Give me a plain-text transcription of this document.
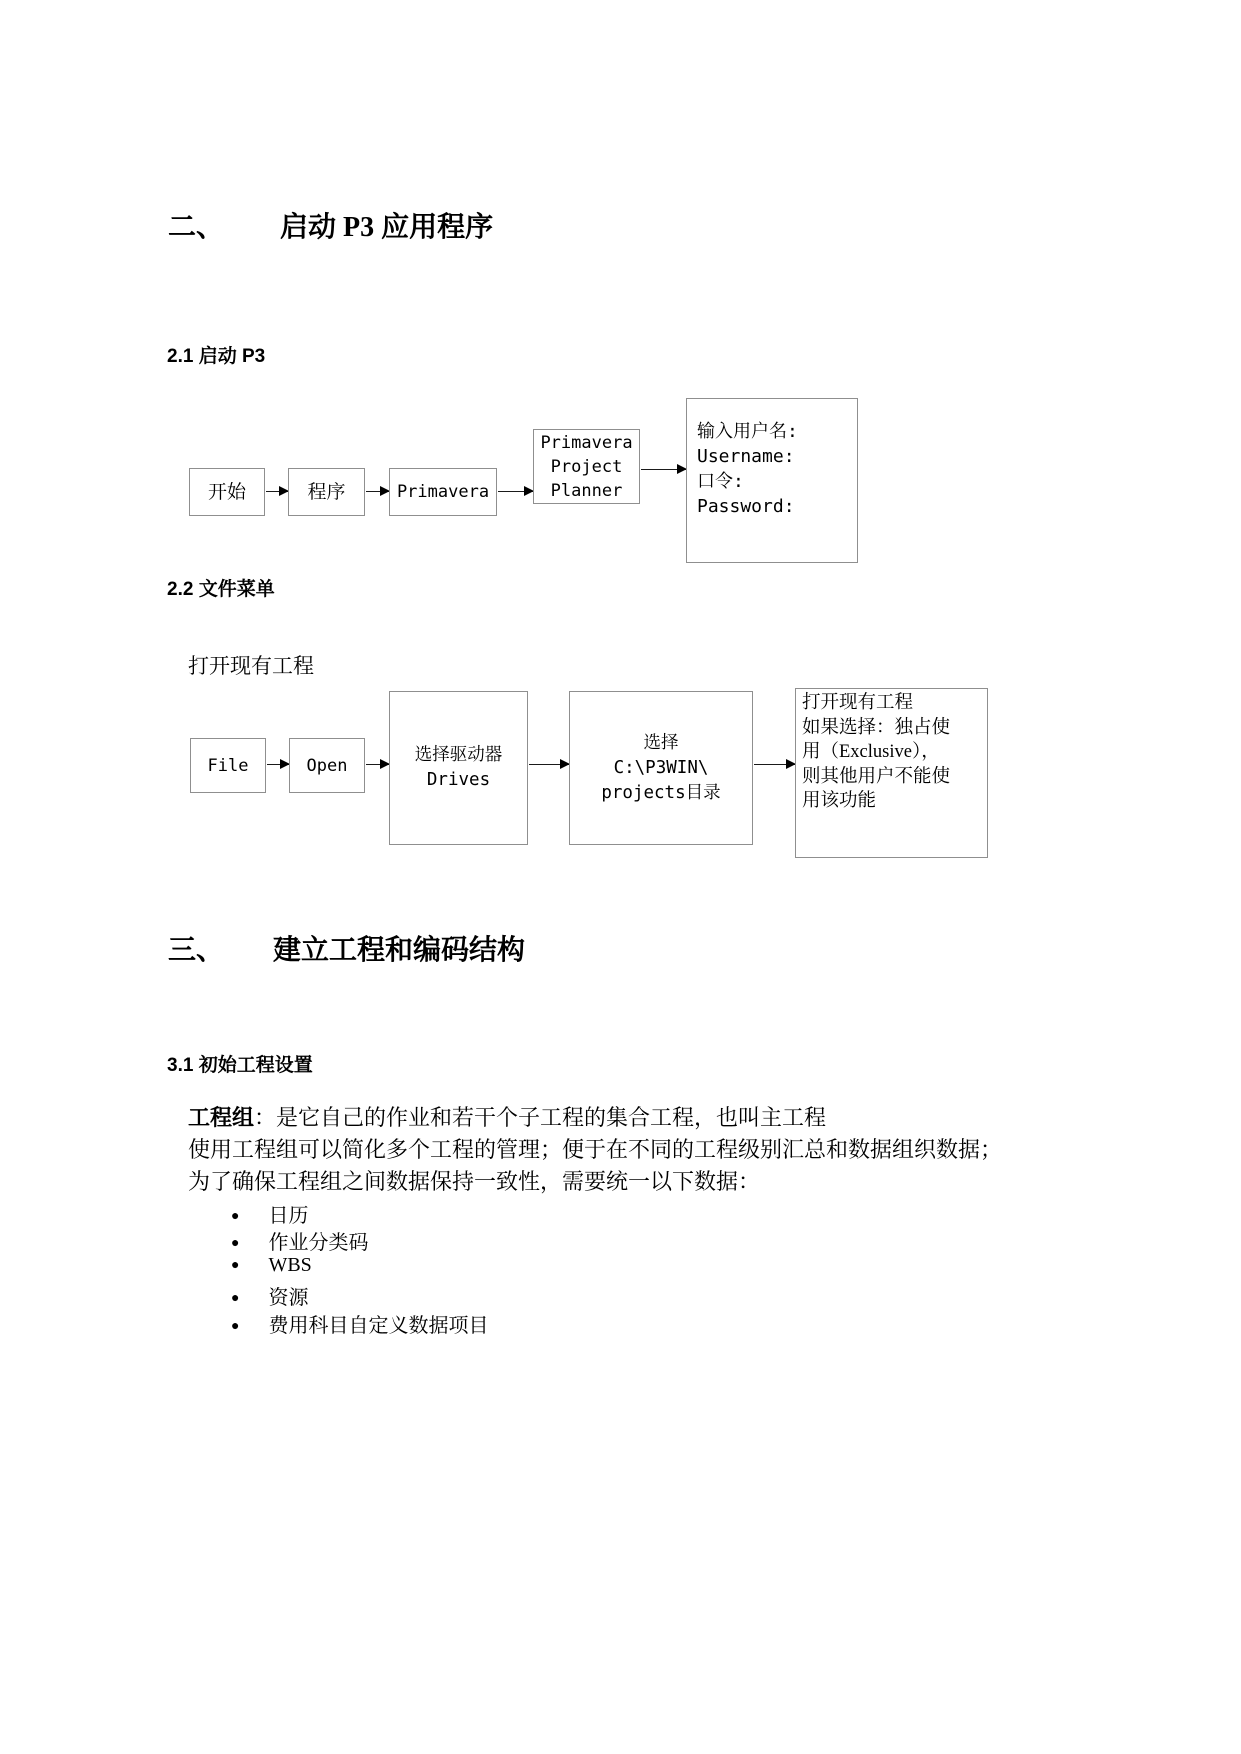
二、 启动 P3 应用程序
2.1 启动 P3
开始	程序	Primavera
Primavera
Project
Planner
输入用户名:
Username:
口令:
Password:
2.2 文件菜单
打开现有工程
File	Open
选择驱动器
Drives
选择
C:\P3WIN\
projects目录
打开现有工程
如果选择：独占使
用（Exclusive），
则其他用户不能使
用该功能
三、 建立工程和编码结构
3.1 初始工程设置
工程组：是它自己的作业和若干个子工程的集合工程，也叫主工程
使用工程组可以简化多个工程的管理；便于在不同的工程级别汇总和数据组织数据；
为了确保工程组之间数据保持一致性，需要统一以下数据：
● 日历
● 作业分类码
● WBS
● 资源
● 费用科目自定义数据项目
